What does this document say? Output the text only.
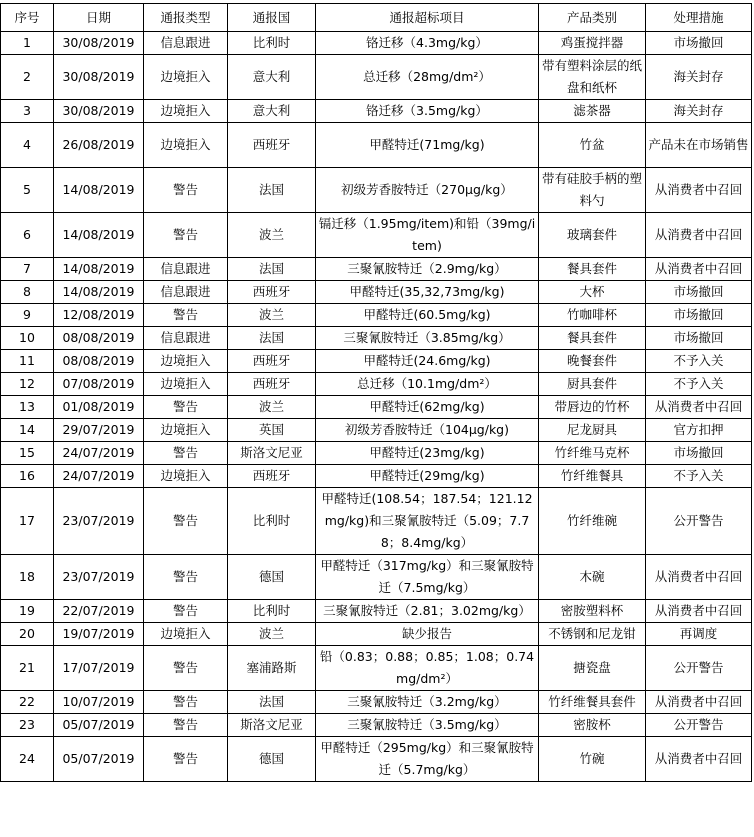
序号	日期	通报类型	通报国	通报超标项目	产品类别	处理措施
1	30/08/2019	信息跟进	比利时	铬迁移（4.3mg/kg）	鸡蛋搅拌器	市场撤回
2	30/08/2019	边境拒入	意大利	总迁移（28mg/dm²）	带有塑料涂层的纸盘和纸杯	海关封存
3	30/08/2019	边境拒入	意大利	铬迁移（3.5mg/kg）	滤茶器	海关封存
4	26/08/2019	边境拒入	西班牙	甲醛特迁(71mg/kg)	竹盆	产品未在市场销售
5	14/08/2019	警告	法国	初级芳香胺特迁（270μg/kg）	带有硅胶手柄的塑料勺	从消费者中召回
6	14/08/2019	警告	波兰	镉迁移（1.95mg/item)和铅（39mg/item)	玻璃套件	从消费者中召回
7	14/08/2019	信息跟进	法国	三聚氰胺特迁（2.9mg/kg）	餐具套件	从消费者中召回
8	14/08/2019	信息跟进	西班牙	甲醛特迁(35,32,73mg/kg)	大杯	市场撤回
9	12/08/2019	警告	波兰	甲醛特迁(60.5mg/kg)	竹咖啡杯	市场撤回
10	08/08/2019	信息跟进	法国	三聚氰胺特迁（3.85mg/kg）	餐具套件	市场撤回
11	08/08/2019	边境拒入	西班牙	甲醛特迁(24.6mg/kg)	晚餐套件	不予入关
12	07/08/2019	边境拒入	西班牙	总迁移（10.1mg/dm²）	厨具套件	不予入关
13	01/08/2019	警告	波兰	甲醛特迁(62mg/kg)	带唇边的竹杯	从消费者中召回
14	29/07/2019	边境拒入	英国	初级芳香胺特迁（104μg/kg)	尼龙厨具	官方扣押
15	24/07/2019	警告	斯洛文尼亚	甲醛特迁(23mg/kg)	竹纤维马克杯	市场撤回
16	24/07/2019	边境拒入	西班牙	甲醛特迁(29mg/kg)	竹纤维餐具	不予入关
17	23/07/2019	警告	比利时	甲醛特迁(108.54；187.54；121.12mg/kg)和三聚氰胺特迁（5.09；7.78；8.4mg/kg）	竹纤维碗	公开警告
18	23/07/2019	警告	德国	甲醛特迁（317mg/kg）和三聚氰胺特迁（7.5mg/kg）	木碗	从消费者中召回
19	22/07/2019	警告	比利时	三聚氰胺特迁（2.81；3.02mg/kg）	密胺塑料杯	从消费者中召回
20	19/07/2019	边境拒入	波兰	缺少报告	不锈钢和尼龙钳	再调度
21	17/07/2019	警告	塞浦路斯	铅（0.83；0.88；0.85；1.08；0.74mg/dm²）	搪瓷盘	公开警告
22	10/07/2019	警告	法国	三聚氰胺特迁（3.2mg/kg）	竹纤维餐具套件	从消费者中召回
23	05/07/2019	警告	斯洛文尼亚	三聚氰胺特迁（3.5mg/kg）	密胺杯	公开警告
24	05/07/2019	警告	德国	甲醛特迁（295mg/kg）和三聚氰胺特迁（5.7mg/kg）	竹碗	从消费者中召回
